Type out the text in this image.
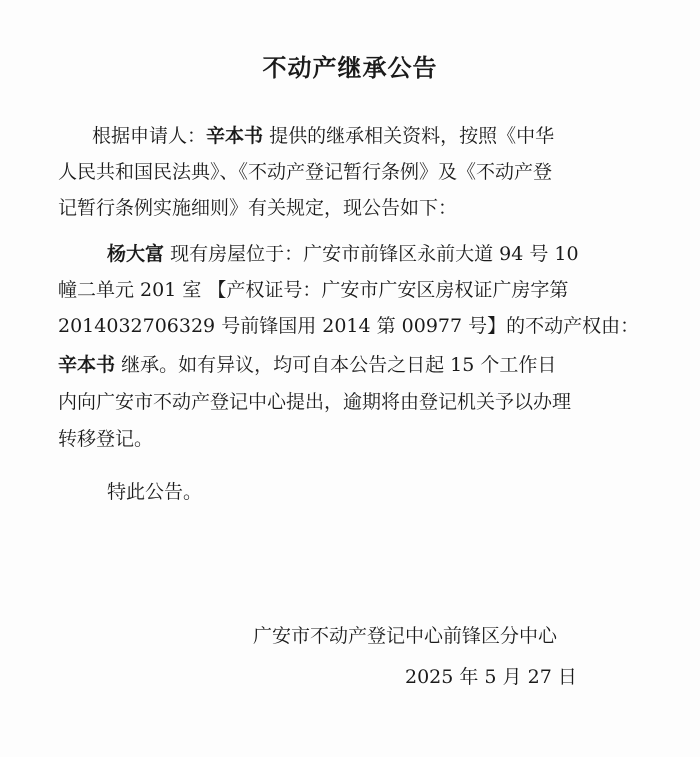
不动产继承公告
根据申请人：辛本书 提供的继承相关资料，按照《中华
人民共和国民法典》、《不动产登记暂行条例》及《不动产登
记暂行条例实施细则》有关规定，现公告如下：
杨大富 现有房屋位于：广安市前锋区永前大道 94 号 10
幢二单元 201 室 【产权证号：广安市广安区房权证广房字第
2014032706329 号前锋国用 2014 第 00977 号】的不动产权由：
辛本书 继承。如有异议，均可自本公告之日起 15 个工作日
内向广安市不动产登记中心提出，逾期将由登记机关予以办理
转移登记。
特此公告。
广安市不动产登记中心前锋区分中心
2025 年 5 月 27 日
